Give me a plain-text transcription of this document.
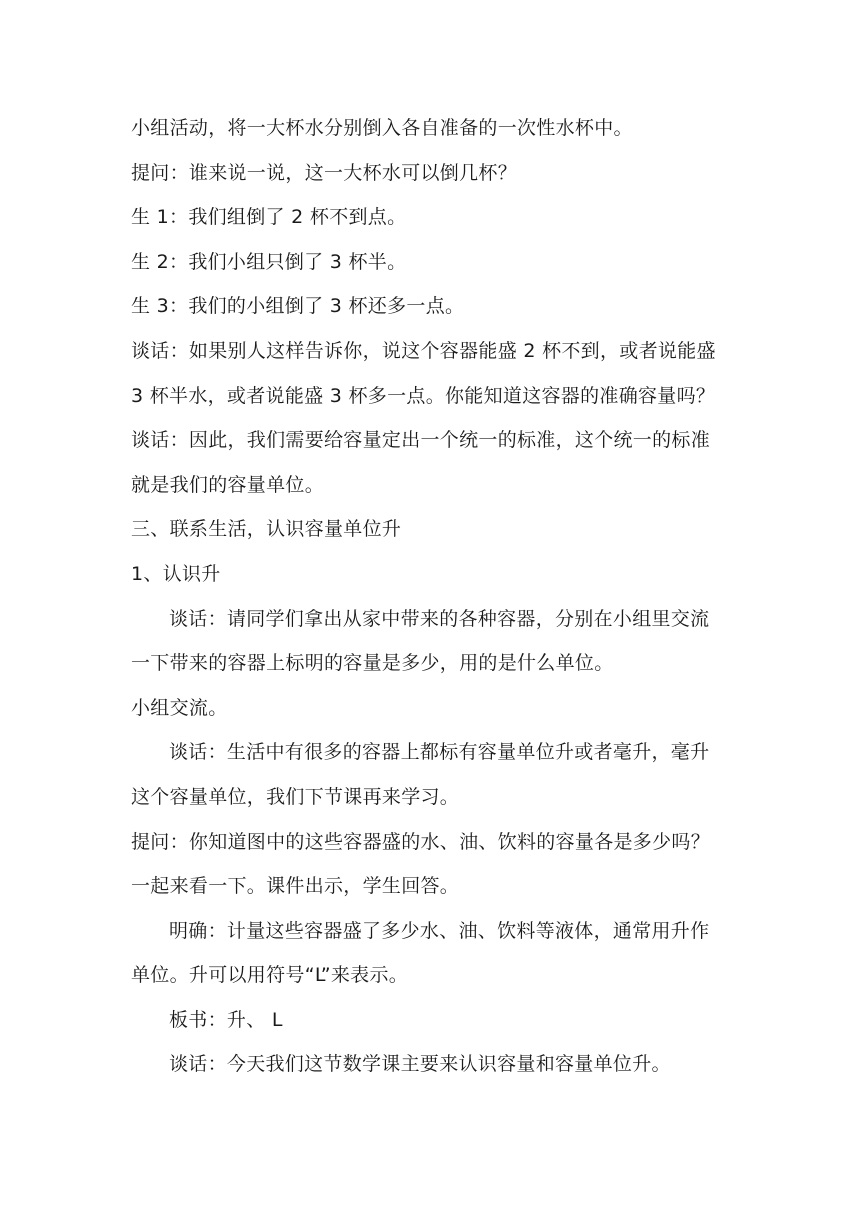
小组活动，将一大杯水分别倒入各自准备的一次性水杯中。
提问：谁来说一说，这一大杯水可以倒几杯？
生 1：我们组倒了 2 杯不到点。
生 2：我们小组只倒了 3 杯半。
生 3：我们的小组倒了 3 杯还多一点。
谈话：如果别人这样告诉你，说这个容器能盛 2 杯不到，或者说能盛
3 杯半水，或者说能盛 3 杯多一点。你能知道这容器的准确容量吗？
谈话：因此，我们需要给容量定出一个统一的标准，这个统一的标准
就是我们的容量单位。
三、联系生活，认识容量单位升
1、认识升
谈话：请同学们拿出从家中带来的各种容器，分别在小组里交流
一下带来的容器上标明的容量是多少，用的是什么单位。
小组交流。
谈话：生活中有很多的容器上都标有容量单位升或者毫升，毫升
这个容量单位，我们下节课再来学习。
提问：你知道图中的这些容器盛的水、油、饮料的容量各是多少吗？
一起来看一下。课件出示，学生回答。
明确：计量这些容器盛了多少水、油、饮料等液体，通常用升作
单位。升可以用符号“L”来表示。
板书：升、 L
谈话：今天我们这节数学课主要来认识容量和容量单位升。
